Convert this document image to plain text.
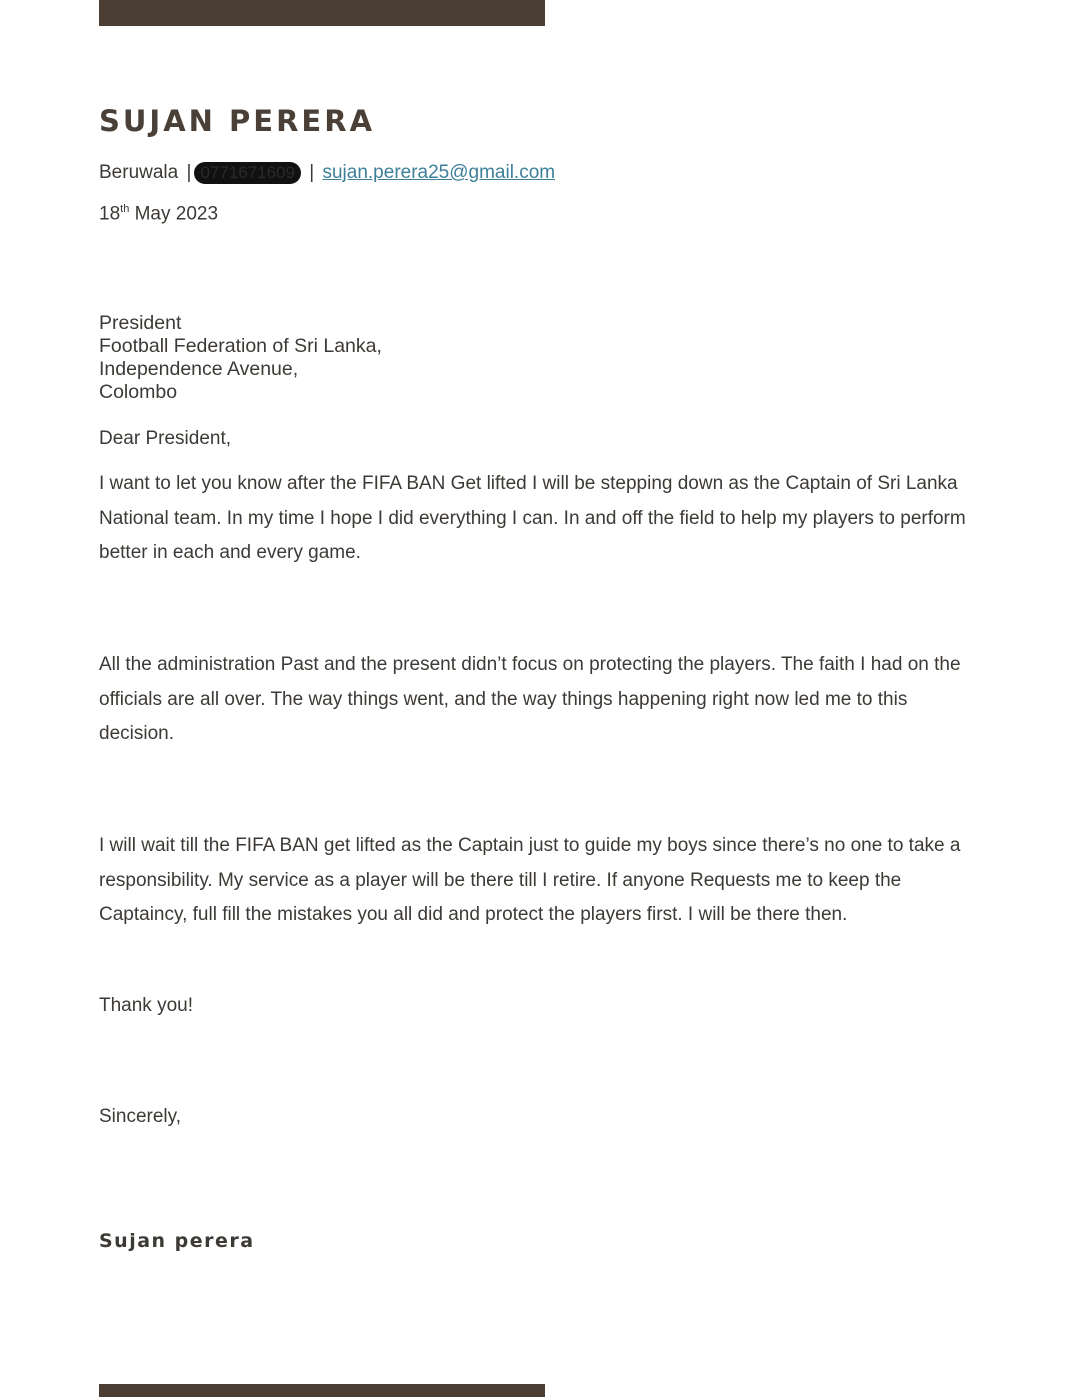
SUJAN PERERA
Beruwala | 0771671609 | sujan.perera25@gmail.com
18th May 2023
President
Football Federation of Sri Lanka,
Independence Avenue,
Colombo
Dear President,

I want to let you know after the FIFA BAN Get lifted I will be stepping down as the Captain of Sri Lanka National team. In my time I hope I did everything I can. In and off the field to help my players to perform better in each and every game.

All the administration Past and the present didn’t focus on protecting the players. The faith I had on the officials are all over. The way things went, and the way things happening right now led me to this decision.

I will wait till the FIFA BAN get lifted as the Captain just to guide my boys since there’s no one to take a responsibility. My service as a player will be there till I retire. If anyone Requests me to keep the Captaincy, full fill the mistakes you all did and protect the players first. I will be there then.

Thank you!
Sincerely,
Sujan perera
